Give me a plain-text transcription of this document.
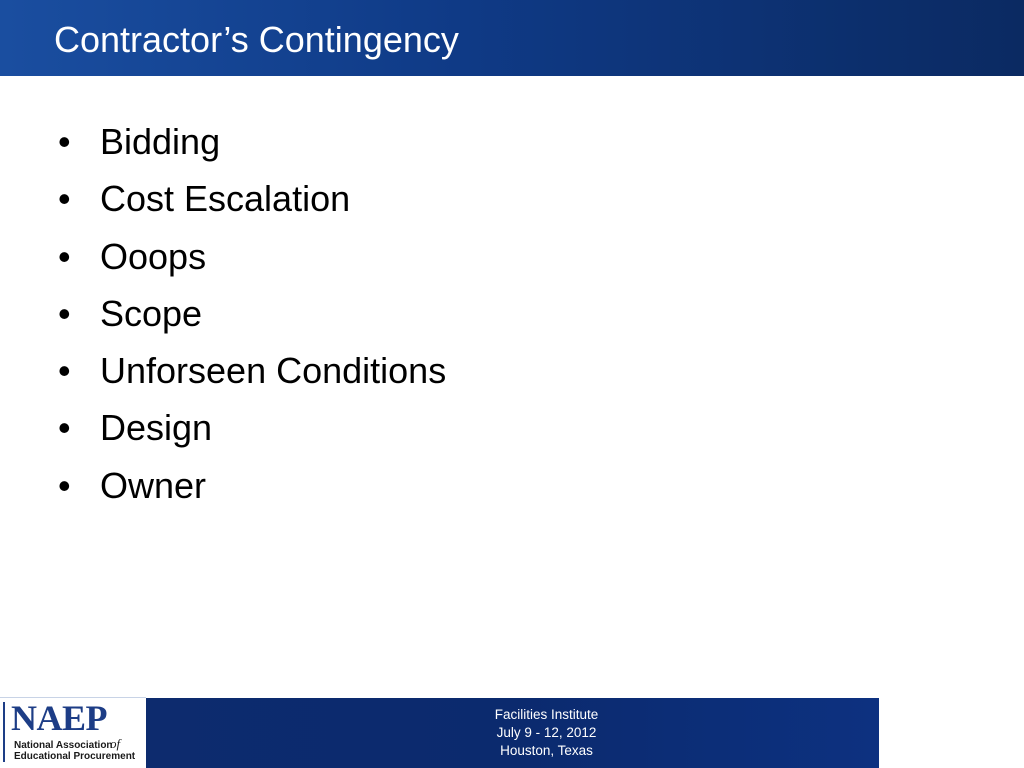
Contractor’s Contingency
• Bidding
• Cost Escalation
• Ooops
• Scope
• Unforseen Conditions
• Design
• Owner
NAEP
National Association
of
Educational Procurement
Facilities Institute
July 9 - 12, 2012
Houston, Texas
